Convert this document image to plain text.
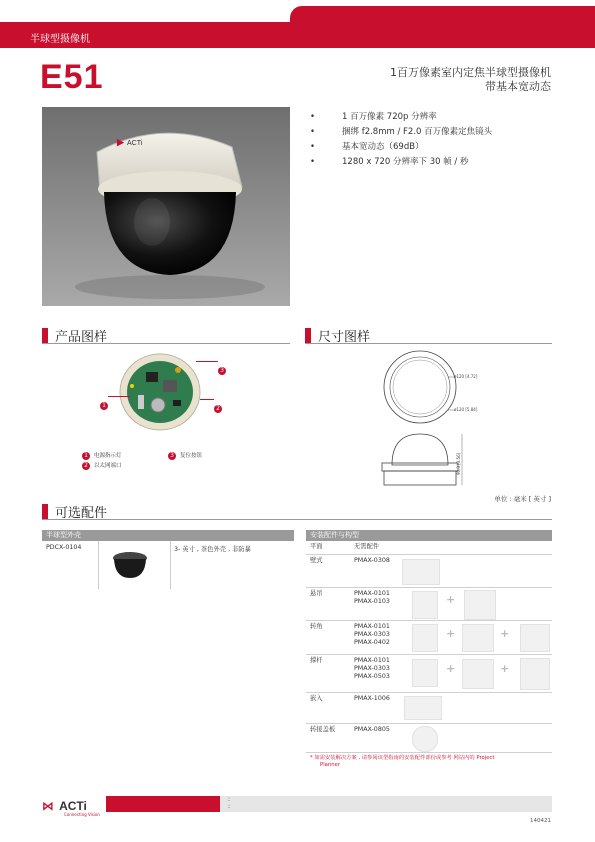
半球型摄像机
E51	1百万像素室内定焦半球型摄像机
带基本宽动态
▶ ACTi
• 1 百万像素 720p 分辨率
• 捆绑 f2.8mm / F2.0 百万像素定焦镜头
• 基本宽动态（69dB）
• 1280 x 720 分辨率下 30 帧 / 秒
产品图样
1
3
2
1 电源指示灯
2 以太网端口
3 复位按钮
尺寸图样
ø120 [4.72]
ø120 [5.84]
90.3 [3.56]
单位 : 毫米 [ 英寸 ]
可选配件
半球型外壳
PDCX-0104	3- 英寸 , 茶色外壳 , 非防暴
安装配件与构型
平面	无需配件
壁式	PMAX-0308
悬吊	PMAX-0101
PMAX-0103	+
转角	PMAX-0101
PMAX-0303
PMAX-0402
+	+
撑杆	PMAX-0101
PMAX-0303
PMAX-0503
+	+
嵌入	PMAX-1006
转接盖板	PMAX-0805
* 如需安装解决方案 , 请参阅该型指南的安装配件部份或参考 网站内的 Project
Planner
⋈ ACTi
Connecting Vision
:
:
140421
